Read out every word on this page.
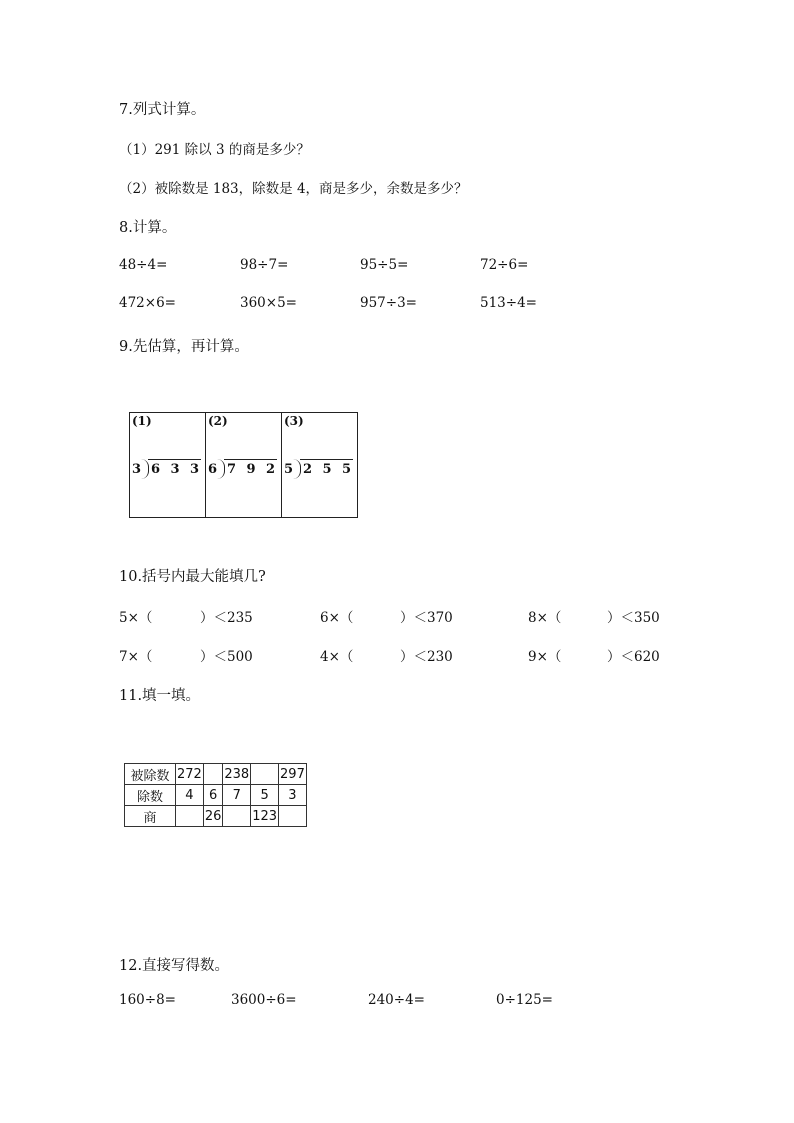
7.列式计算。
（1）291 除以 3 的商是多少？
（2）被除数是 183，除数是 4，商是多少，余数是多少？
8.计算。
48÷4=	98÷7=	95÷5=	72÷6=
472×6=	360×5=	957÷3=	513÷4=
9.先估算，再计算。
(1)
3 6 3 3
(2)
6 7 9 2
(3)
5 2 5 5
10.括号内最大能填几?
5×（	）＜235	6×（	）＜370	8×（	）＜350
7×（	）＜500	4×（	）＜230	9×（	）＜620
11.填一填。
被除数	272		238		297
除数	4	6	7	5	3
商		26		123	
12.直接写得数。
160÷8=	3600÷6=	240÷4=	0÷125=
